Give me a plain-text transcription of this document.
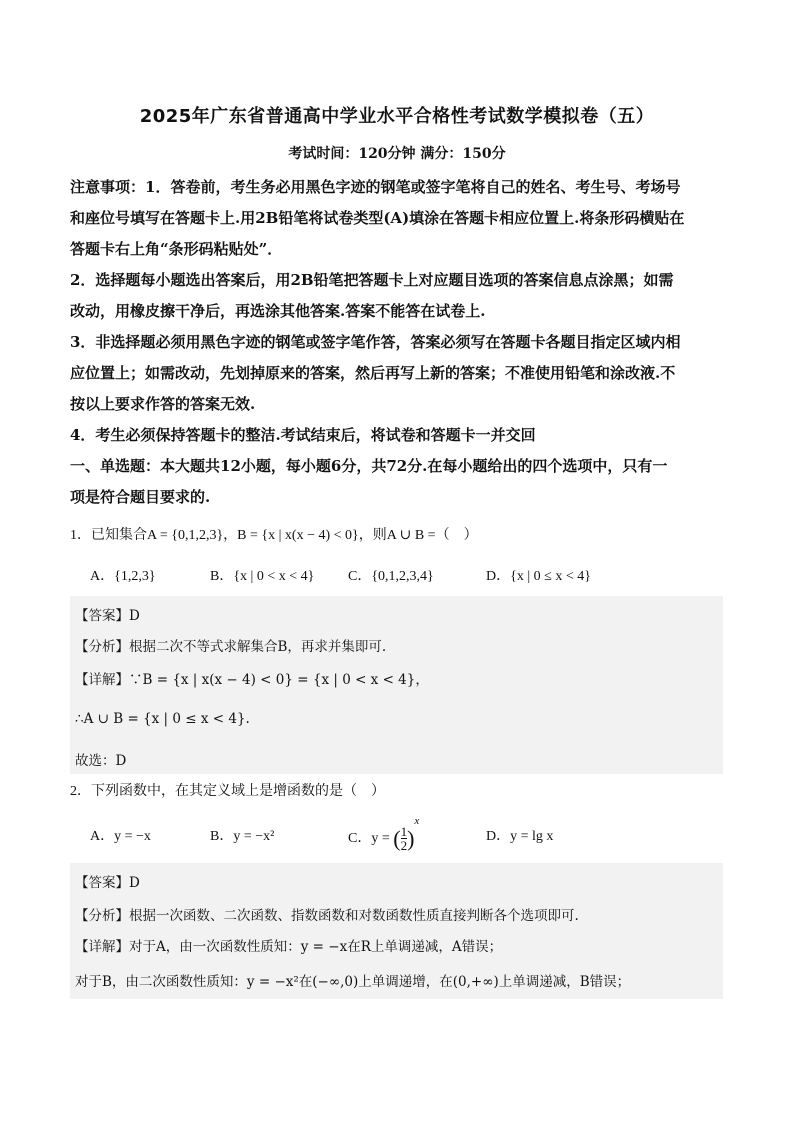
2025年广东省普通高中学业水平合格性考试数学模拟卷（五）
考试时间：120分钟 满分：150分
注意事项：1．答卷前，考生务必用黑色字迹的钢笔或签字笔将自己的姓名、考生号、考场号
和座位号填写在答题卡上.用2B铅笔将试卷类型(A)填涂在答题卡相应位置上.将条形码横贴在
答题卡右上角“条形码粘贴处”．
2．选择题每小题选出答案后，用2B铅笔把答题卡上对应题目选项的答案信息点涂黑；如需
改动，用橡皮擦干净后，再选涂其他答案.答案不能答在试卷上.
3．非选择题必须用黑色字迹的钢笔或签字笔作答，答案必须写在答题卡各题目指定区域内相
应位置上；如需改动，先划掉原来的答案，然后再写上新的答案；不准使用铅笔和涂改液.不
按以上要求作答的答案无效.
4．考生必须保持答题卡的整洁.考试结束后，将试卷和答题卡一并交回
一、单选题：本大题共12小题，每小题6分，共72分.在每小题给出的四个选项中，只有一
项是符合题目要求的.
1．已知集合A = {0,1,2,3}，B = {x | x(x − 4) < 0}，则A ∪ B =（　）
A．{1,2,3}	B．{x | 0 < x < 4} C．{0,1,2,3,4}	D．{x | 0 ≤ x < 4}
【答案】D
【分析】根据二次不等式求解集合B，再求并集即可.
【详解】∵B = {x | x(x − 4) < 0} = {x | 0 < x < 4}，
∴A ∪ B = {x | 0 ≤ x < 4}.
故选：D
2．下列函数中，在其定义域上是增函数的是（　）
A．y = −x	B．y = −x²	C．y = ( $\frac{1}{2} )^x$
D．y = lg x
【答案】D
【分析】根据一次函数、二次函数、指数函数和对数函数性质直接判断各个选项即可.
【详解】对于A，由一次函数性质知：y = −x在R上单调递减，A错误；
对于B，由二次函数性质知：y = −x²在(−∞,0)上单调递增，在(0,+∞)上单调递减，B错误；
